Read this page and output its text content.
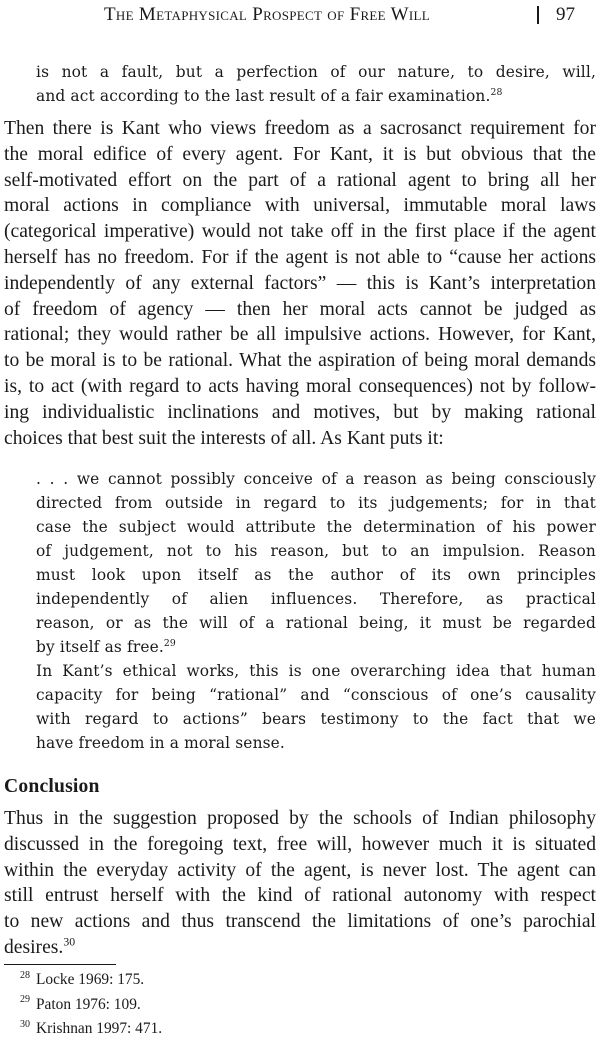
The Metaphysical Prospect of Free Will	97
is not a fault, but a perfection of our nature, to desire, will,
and act according to the last result of a fair examination.$^{28}$
Then there is Kant who views freedom as a sacrosanct requirement for
the moral edifice of every agent. For Kant, it is but obvious that the
self-motivated effort on the part of a rational agent to bring all her
moral actions in compliance with universal, immutable moral laws
(categorical imperative) would not take off in the first place if the agent
herself has no freedom. For if the agent is not able to “cause her actions
independently of any external factors” — this is Kant’s interpretation
of freedom of agency — then her moral acts cannot be judged as
rational; they would rather be all impulsive actions. However, for Kant,
to be moral is to be rational. What the aspiration of being moral demands
is, to act (with regard to acts having moral consequences) not by follow-
ing individualistic inclinations and motives, but by making rational
choices that best suit the interests of all. As Kant puts it:
. . . we cannot possibly conceive of a reason as being consciously
directed from outside in regard to its judgements; for in that
case the subject would attribute the determination of his power
of judgement, not to his reason, but to an impulsion. Reason
must look upon itself as the author of its own principles
independently of alien influences. Therefore, as practical
reason, or as the will of a rational being, it must be regarded
by itself as free.$^{29}$
In Kant’s ethical works, this is one overarching idea that human
capacity for being “rational” and “conscious of one’s causality
with regard to actions” bears testimony to the fact that we
have freedom in a moral sense.
Conclusion
Thus in the suggestion proposed by the schools of Indian philosophy
discussed in the foregoing text, free will, however much it is situated
within the everyday activity of the agent, is never lost. The agent can
still entrust herself with the kind of rational autonomy with respect
to new actions and thus transcend the limitations of one’s parochial
desires.$^{30}$
28 Locke 1969: 175.
29 Paton 1976: 109.
30 Krishnan 1997: 471.
